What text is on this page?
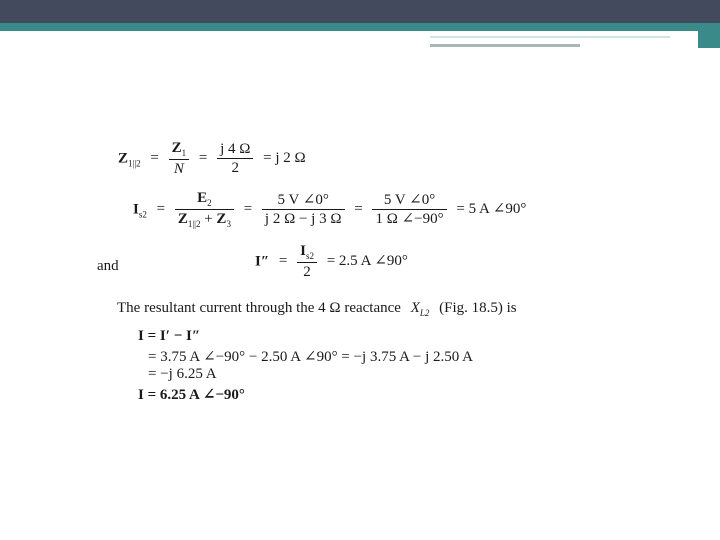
$Z_{1||2} = \frac{Z_1}{N} = \frac{j 4 \Omega}{2} = j$ 2 Ω
$I_{s2} = \frac{E_2}{Z_{1||2} + Z_3} = \frac{5 V \angle 0^\circ}{j 2 \Omega - j 3 \Omega} = \frac{5 V \angle 0^\circ}{1 \Omega \angle-90^\circ} = 5$ A ∠90°
and	$I'' = \frac{I_{s2}}{2} = 2.5$ A ∠90°
The resultant current through the 4 Ω reactance $X_{L2}$ (Fig. 18.5) is
I = I′ − I″
= 3.75 A ∠−90° − 2.50 A ∠90° = −j 3.75 A − j 2.50 A
= −j 6.25 A
I = 6.25 A ∠−90°
